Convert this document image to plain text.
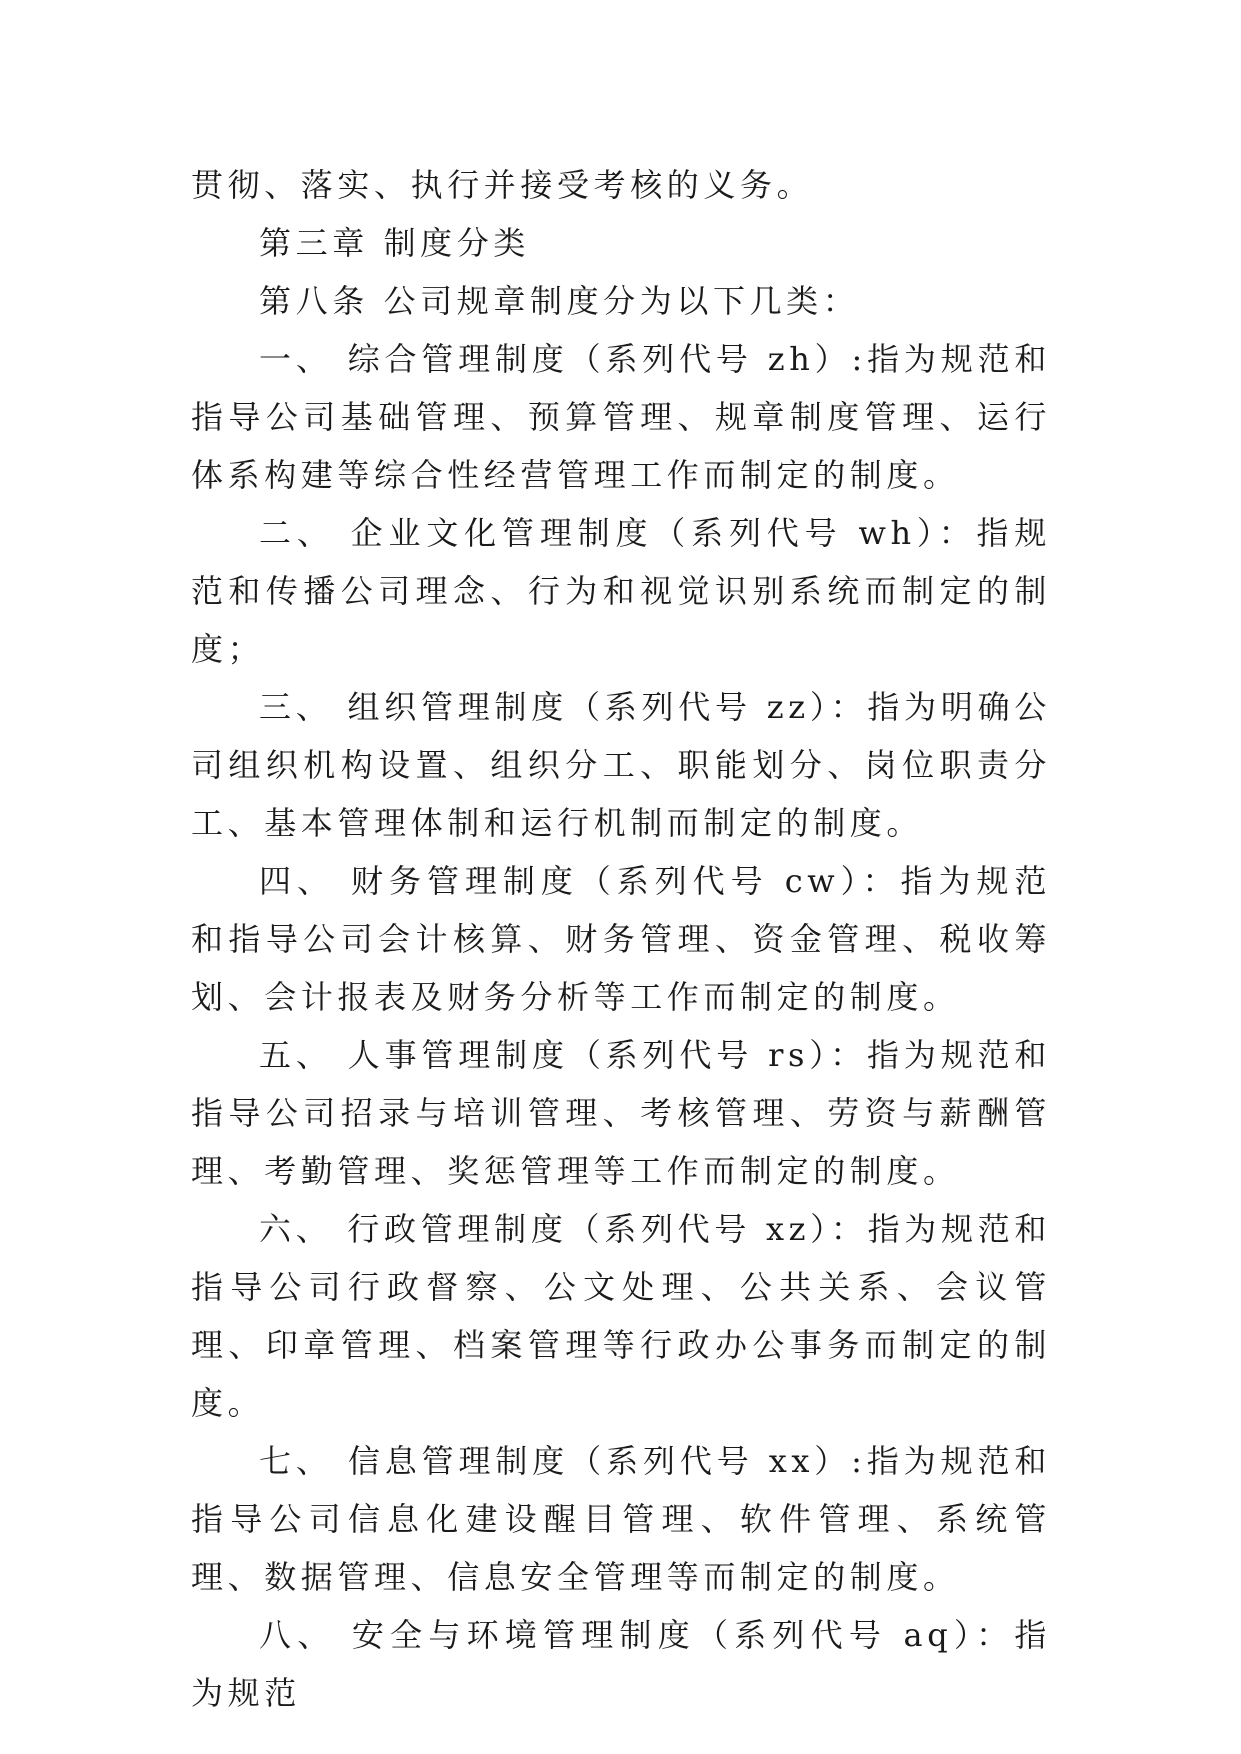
贯彻、落实、执行并接受考核的义务。

第三章 制度分类

第八条 公司规章制度分为以下几类：

一、 综合管理制度（系列代号 zh）:指为规范和指导公司基础管理、预算管理、规章制度管理、运行体系构建等综合性经营管理工作而制定的制度。

二、 企业文化管理制度（系列代号 wh）：指规范和传播公司理念、行为和视觉识别系统而制定的制度；

三、 组织管理制度（系列代号 zz）：指为明确公司组织机构设置、组织分工、职能划分、岗位职责分工、基本管理体制和运行机制而制定的制度。

四、 财务管理制度（系列代号 cw）：指为规范和指导公司会计核算、财务管理、资金管理、税收筹划、会计报表及财务分析等工作而制定的制度。

五、 人事管理制度（系列代号 rs）：指为规范和指导公司招录与培训管理、考核管理、劳资与薪酬管理、考勤管理、奖惩管理等工作而制定的制度。

六、 行政管理制度（系列代号 xz）：指为规范和指导公司行政督察、公文处理、公共关系、会议管理、印章管理、档案管理等行政办公事务而制定的制度。

七、 信息管理制度（系列代号 xx）:指为规范和指导公司信息化建设醒目管理、软件管理、系统管理、数据管理、信息安全管理等而制定的制度。

八、 安全与环境管理制度（系列代号 aq）：指为规范
